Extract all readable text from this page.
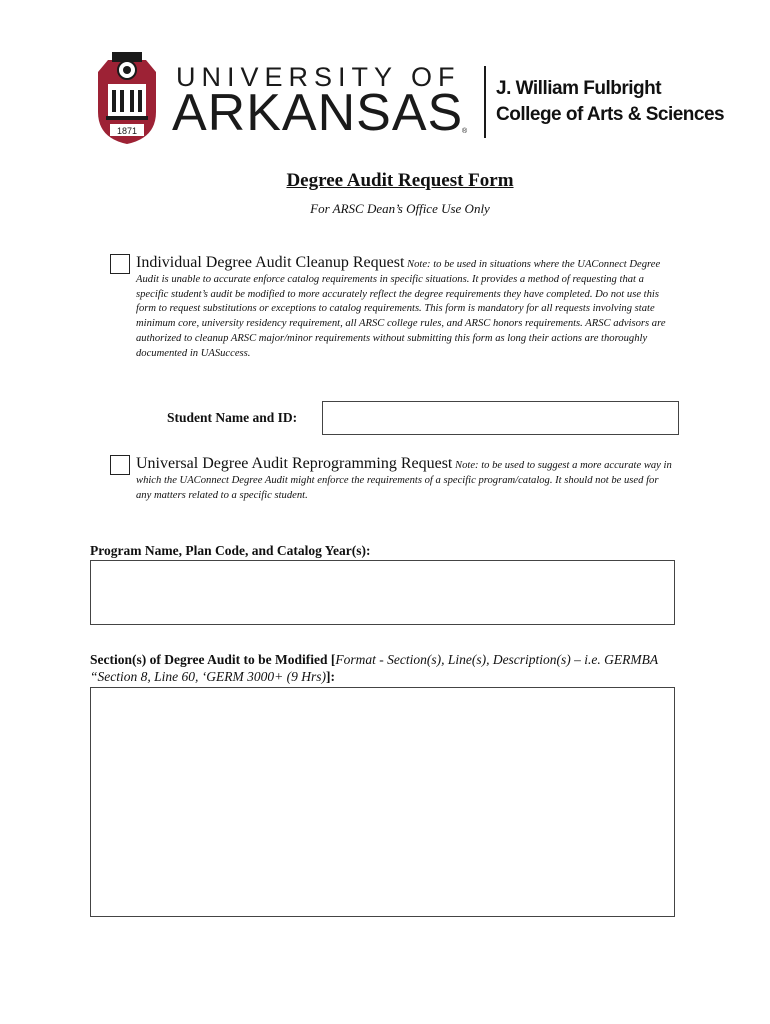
1871
UNIVERSITY OF
ARKANSAS
®
J. William Fulbright
College of Arts & Sciences
Degree Audit Request Form
For ARSC Dean’s Office Use Only
Individual Degree Audit Cleanup Request Note: to be used in situations where the UAConnect Degree Audit is unable to accurate enforce catalog requirements in specific situations. It provides a method of requesting that a specific student’s audit be modified to more accurately reflect the degree requirements they have completed. Do not use this form to request substitutions or exceptions to catalog requirements. This form is mandatory for all requests involving state minimum core, university residency requirement, all ARSC college rules, and ARSC honors requirements. ARSC advisors are authorized to cleanup ARSC major/minor requirements without submitting this form as long their actions are thoroughly documented in UASuccess.
Student Name and ID:
Universal Degree Audit Reprogramming Request Note: to be used to suggest a more accurate way in which the UAConnect Degree Audit might enforce the requirements of a specific program/catalog. It should not be used for any matters related to a specific student.
Program Name, Plan Code, and Catalog Year(s):
Section(s) of Degree Audit to be Modified [Format - Section(s), Line(s), Description(s) – i.e. GERMBA “Section 8, Line 60, ‘GERM 3000+ (9 Hrs)]:
